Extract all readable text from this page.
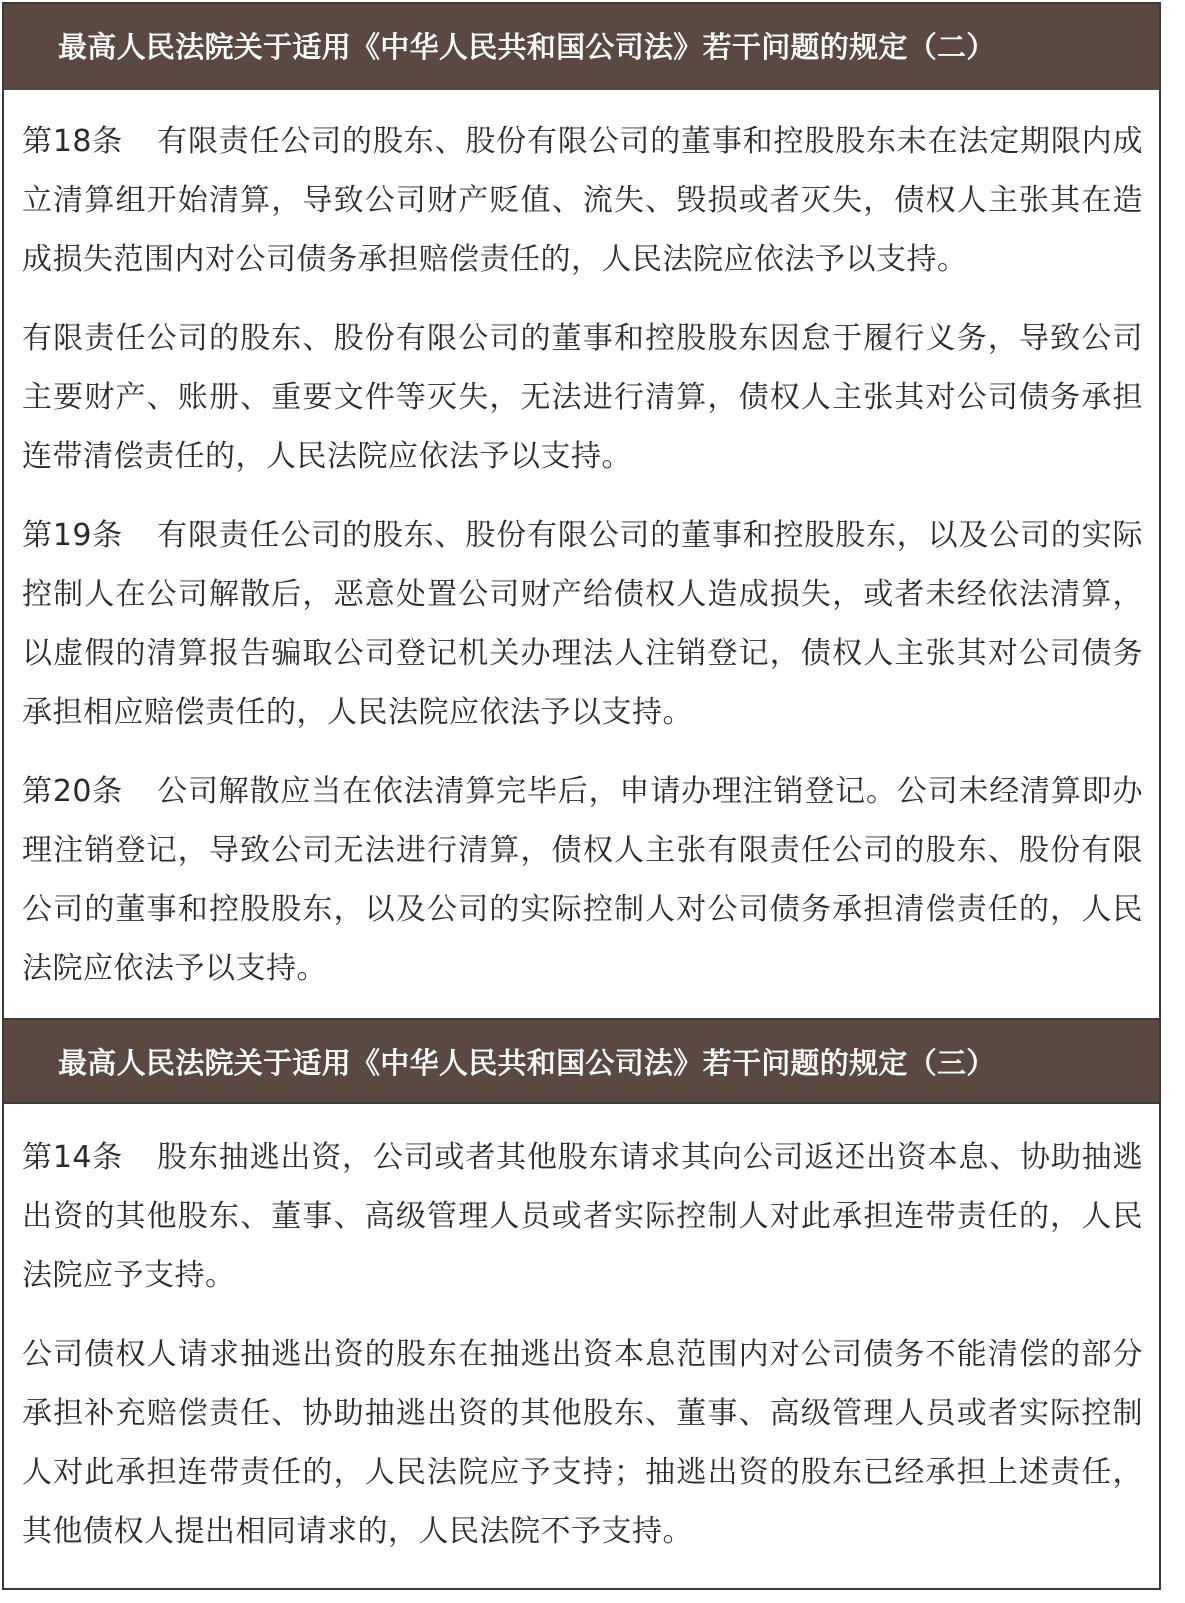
最高人民法院关于适用《中华人民共和国公司法》若干问题的规定（二）

第18条 有限责任公司的股东、股份有限公司的董事和控股股东未在法定期限内成立清算组开始清算，导致公司财产贬值、流失、毁损或者灭失，债权人主张其在造成损失范围内对公司债务承担赔偿责任的，人民法院应依法予以支持。

有限责任公司的股东、股份有限公司的董事和控股股东因怠于履行义务，导致公司主要财产、账册、重要文件等灭失，无法进行清算，债权人主张其对公司债务承担连带清偿责任的，人民法院应依法予以支持。

第19条 有限责任公司的股东、股份有限公司的董事和控股股东，以及公司的实际控制人在公司解散后，恶意处置公司财产给债权人造成损失，或者未经依法清算，以虚假的清算报告骗取公司登记机关办理法人注销登记，债权人主张其对公司债务承担相应赔偿责任的，人民法院应依法予以支持。

第20条 公司解散应当在依法清算完毕后，申请办理注销登记。公司未经清算即办理注销登记，导致公司无法进行清算，债权人主张有限责任公司的股东、股份有限公司的董事和控股股东，以及公司的实际控制人对公司债务承担清偿责任的，人民法院应依法予以支持。

最高人民法院关于适用《中华人民共和国公司法》若干问题的规定（三）

第14条 股东抽逃出资，公司或者其他股东请求其向公司返还出资本息、协助抽逃出资的其他股东、董事、高级管理人员或者实际控制人对此承担连带责任的，人民法院应予支持。

公司债权人请求抽逃出资的股东在抽逃出资本息范围内对公司债务不能清偿的部分承担补充赔偿责任、协助抽逃出资的其他股东、董事、高级管理人员或者实际控制人对此承担连带责任的，人民法院应予支持；抽逃出资的股东已经承担上述责任，其他债权人提出相同请求的，人民法院不予支持。
